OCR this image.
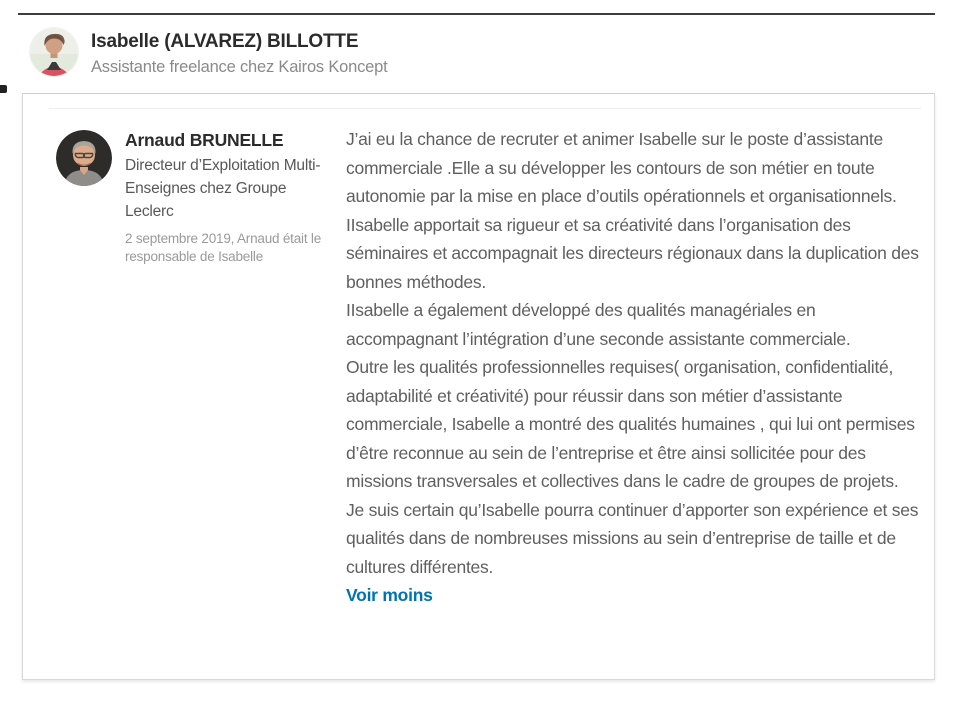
Isabelle (ALVAREZ) BILLOTTE
Assistante freelance chez Kairos Koncept
Arnaud BRUNELLE
Directeur d’Exploitation Multi-Enseignes chez Groupe Leclerc
2 septembre 2019, Arnaud était le responsable de Isabelle

J’ai eu la chance de recruter et animer Isabelle sur le poste d’assistante commerciale .Elle a su développer les contours de son métier en toute autonomie par la mise en place d’outils opérationnels et organisationnels.

IIsabelle apportait sa rigueur et sa créativité dans l’organisation des séminaires et accompagnait les directeurs régionaux dans la duplication des bonnes méthodes.

IIsabelle a également développé des qualités managériales en accompagnant l’intégration d’une seconde assistante commerciale.

Outre les qualités professionnelles requises( organisation, confidentialité, adaptabilité et créativité) pour réussir dans son métier d’assistante commerciale, Isabelle a montré des qualités humaines , qui lui ont permises d’être reconnue au sein de l’entreprise et être ainsi sollicitée pour des missions transversales et collectives dans le cadre de groupes de projets.

Je suis certain qu’Isabelle pourra continuer d’apporter son expérience et ses qualités dans de nombreuses missions au sein d’entreprise de taille et de cultures différentes.

Voir moins
